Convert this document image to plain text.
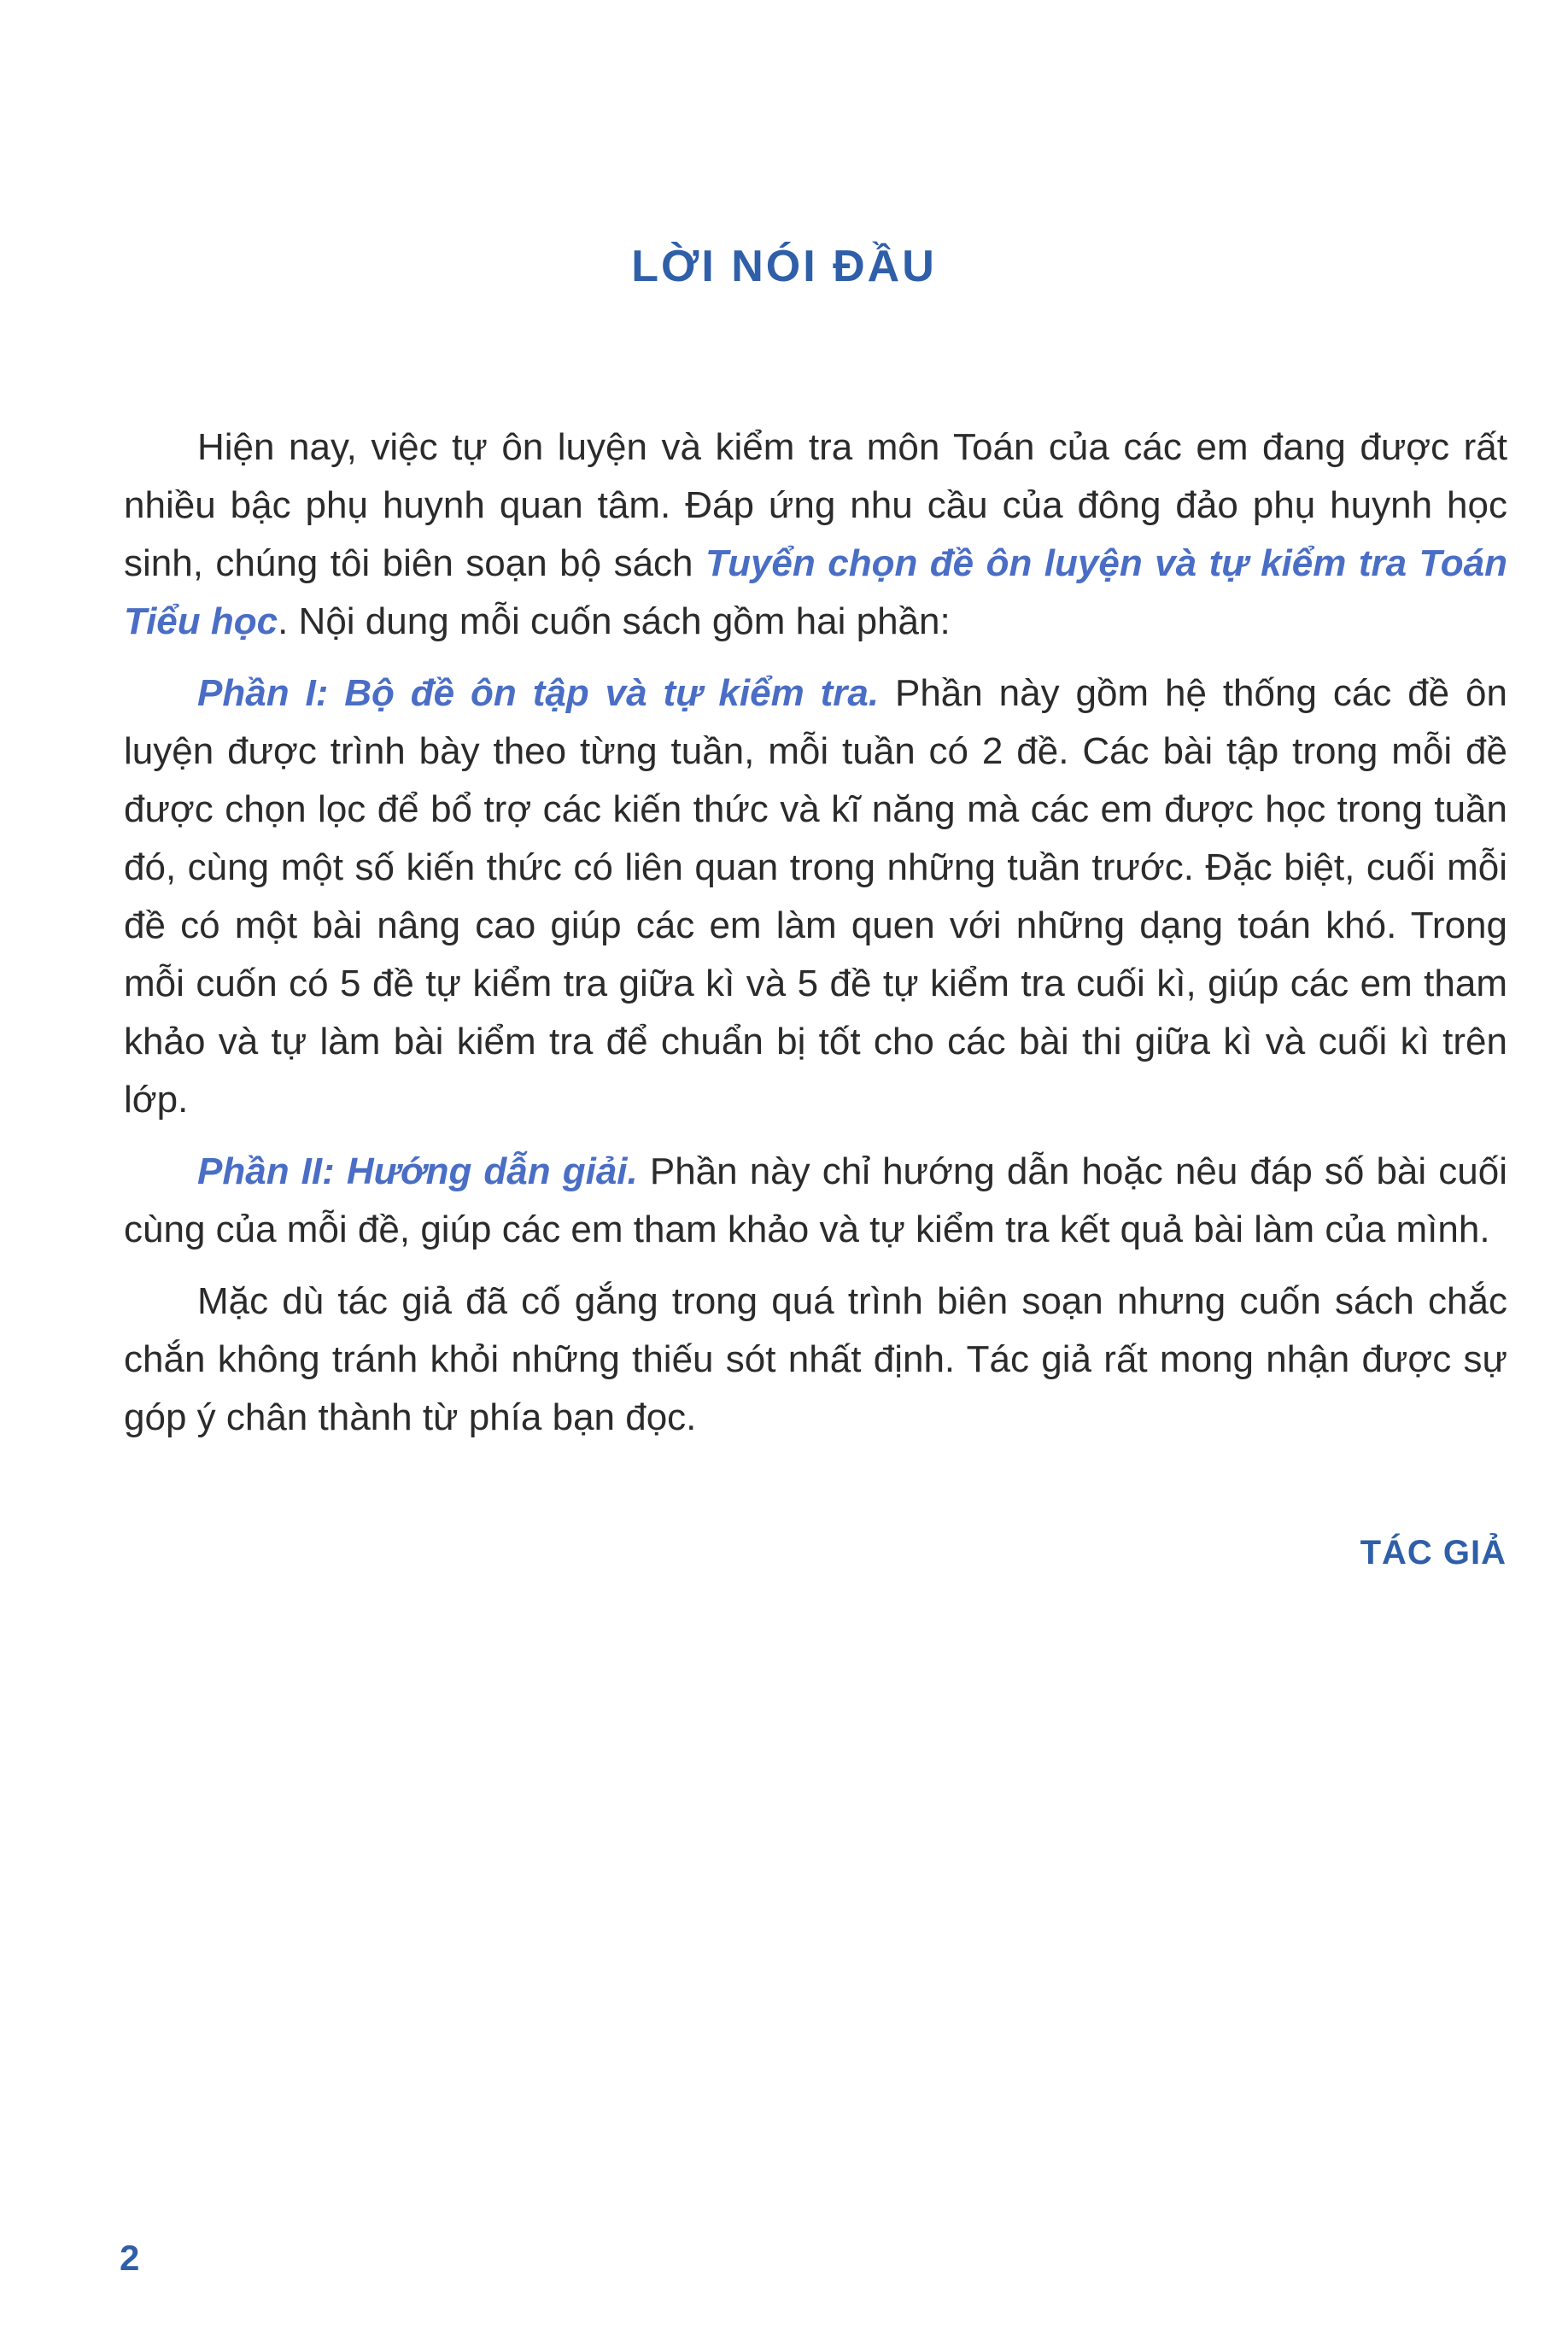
LỜI NÓI ĐẦU

Hiện nay, việc tự ôn luyện và kiểm tra môn Toán của các em đang được rất nhiều bậc phụ huynh quan tâm. Đáp ứng nhu cầu của đông đảo phụ huynh học sinh, chúng tôi biên soạn bộ sách Tuyển chọn đề ôn luyện và tự kiểm tra Toán Tiểu học. Nội dung mỗi cuốn sách gồm hai phần:

Phần I: Bộ đề ôn tập và tự kiểm tra. Phần này gồm hệ thống các đề ôn luyện được trình bày theo từng tuần, mỗi tuần có 2 đề. Các bài tập trong mỗi đề được chọn lọc để bổ trợ các kiến thức và kĩ năng mà các em được học trong tuần đó, cùng một số kiến thức có liên quan trong những tuần trước. Đặc biệt, cuối mỗi đề có một bài nâng cao giúp các em làm quen với những dạng toán khó. Trong mỗi cuốn có 5 đề tự kiểm tra giữa kì và 5 đề tự kiểm tra cuối kì, giúp các em tham khảo và tự làm bài kiểm tra để chuẩn bị tốt cho các bài thi giữa kì và cuối kì trên lớp.

Phần II: Hướng dẫn giải. Phần này chỉ hướng dẫn hoặc nêu đáp số bài cuối cùng của mỗi đề, giúp các em tham khảo và tự kiểm tra kết quả bài làm của mình.

Mặc dù tác giả đã cố gắng trong quá trình biên soạn nhưng cuốn sách chắc chắn không tránh khỏi những thiếu sót nhất định. Tác giả rất mong nhận được sự góp ý chân thành từ phía bạn đọc.

TÁC GIẢ
2
